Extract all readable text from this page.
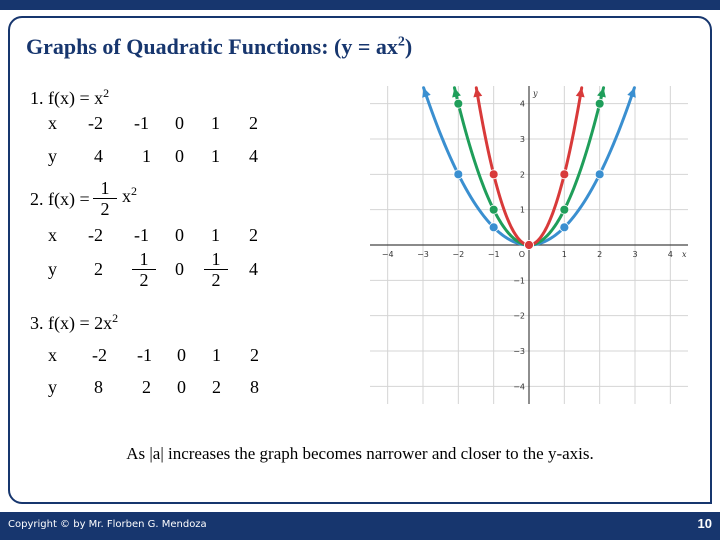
Graphs of Quadratic Functions: $(y = ax^2)$
1. $f(x) = x^2$
x -2 -1 0 1 2
y 4 1 0 1 4
2. $f(x) = \frac{1}{2} x^2$
x -2 -1 0 1 2
y $2 \frac{1}{2} 0 \frac{1}{2} 4$
3. $f(x) = 2x^2$
x -2 -1 0 1 2
y 8 2 0 2 8
−4	−3	−2	−1	1	2	3	4
−4
−3
−2
−1
1
2
3
4
x
y
O
As |a| increases the graph becomes narrower and closer to the y-axis.
Copyright © by Mr. Florben G. Mendoza	10
